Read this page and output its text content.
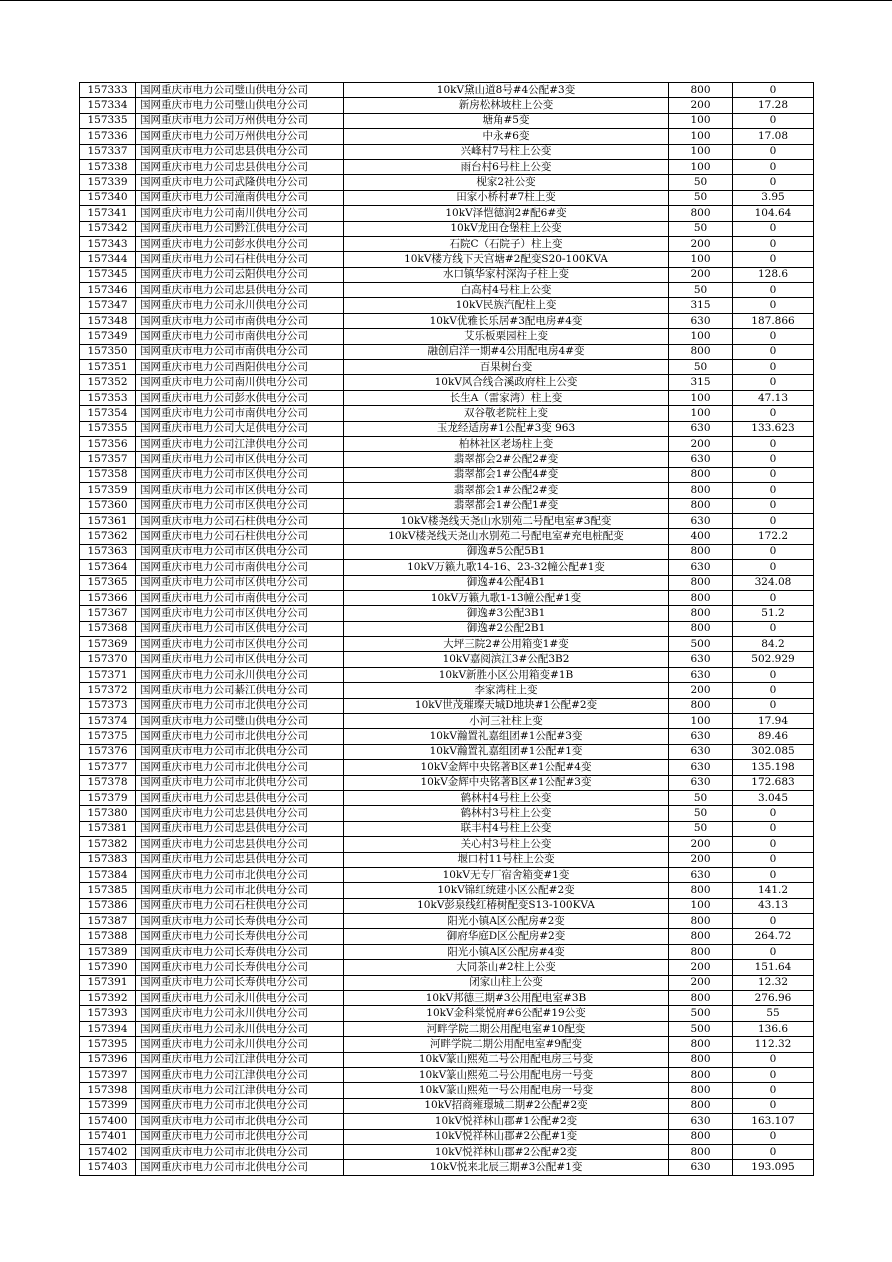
157333	国网重庆市电力公司璧山供电分公司	10kV黛山道8号#4公配#3变	800	0
157334	国网重庆市电力公司璧山供电分公司	新房松林坡柱上公变	200	17.28
157335	国网重庆市电力公司万州供电分公司	塘角#5变	100	0
157336	国网重庆市电力公司万州供电分公司	中永#6变	100	17.08
157337	国网重庆市电力公司忠县供电分公司	兴峰村7号柱上公变	100	0
157338	国网重庆市电力公司忠县供电分公司	雨台村6号柱上公变	100	0
157339	国网重庆市电力公司武隆供电分公司	枧家2社公变	50	0
157340	国网重庆市电力公司潼南供电分公司	田家小桥村#7柱上变	50	3.95
157341	国网重庆市电力公司南川供电分公司	10kV泽恺德润2#配6#变	800	104.64
157342	国网重庆市电力公司黔江供电分公司	10kV龙田仓堡柱上公变	50	0
157343	国网重庆市电力公司彭水供电分公司	石院C（石院子）柱上变	200	0
157344	国网重庆市电力公司石柱供电分公司	10kV楼方线下天宫塘#2配变S20-100KVA	100	0
157345	国网重庆市电力公司云阳供电分公司	水口镇华家村深沟子柱上变	200	128.6
157346	国网重庆市电力公司忠县供电分公司	白高村4号柱上公变	50	0
157347	国网重庆市电力公司永川供电分公司	10kV民族汽配柱上变	315	0
157348	国网重庆市电力公司市南供电分公司	10kV优雅长乐居#3配电房#4变	630	187.866
157349	国网重庆市电力公司市南供电分公司	艾乐板栗园柱上变	100	0
157350	国网重庆市电力公司市南供电分公司	融创启洋一期#4公用配电房4#变	800	0
157351	国网重庆市电力公司酉阳供电分公司	百果树台变	50	0
157352	国网重庆市电力公司南川供电分公司	10kV风合线合溪政府柱上公变	315	0
157353	国网重庆市电力公司彭水供电分公司	长生A（雷家湾）柱上变	100	47.13
157354	国网重庆市电力公司市南供电分公司	双谷敬老院柱上变	100	0
157355	国网重庆市电力公司大足供电分公司	玉龙经适房#1公配#3变 963	630	133.623
157356	国网重庆市电力公司江津供电分公司	柏林社区老场柱上变	200	0
157357	国网重庆市电力公司市区供电分公司	翡翠都会2#公配2#变	630	0
157358	国网重庆市电力公司市区供电分公司	翡翠都会1#公配4#变	800	0
157359	国网重庆市电力公司市区供电分公司	翡翠都会1#公配2#变	800	0
157360	国网重庆市电力公司市区供电分公司	翡翠都会1#公配1#变	800	0
157361	国网重庆市电力公司石柱供电分公司	10kV楼尧线天尧山水别苑二号配电室#3配变	630	0
157362	国网重庆市电力公司石柱供电分公司	10kV楼尧线天尧山水别苑二号配电室#充电桩配变	400	172.2
157363	国网重庆市电力公司市区供电分公司	御逸#5公配5B1	800	0
157364	国网重庆市电力公司市南供电分公司	10kV万籁九歌14-16、23-32幢公配#1变	630	0
157365	国网重庆市电力公司市区供电分公司	御逸#4公配4B1	800	324.08
157366	国网重庆市电力公司市南供电分公司	10kV万籁九歌1-13幢公配#1变	800	0
157367	国网重庆市电力公司市区供电分公司	御逸#3公配3B1	800	51.2
157368	国网重庆市电力公司市区供电分公司	御逸#2公配2B1	800	0
157369	国网重庆市电力公司市区供电分公司	大坪三院2#公用箱变1#变	500	84.2
157370	国网重庆市电力公司市区供电分公司	10kV嘉阅滨江3#公配3B2	630	502.929
157371	国网重庆市电力公司永川供电分公司	10kV新胜小区公用箱变#1B	630	0
157372	国网重庆市电力公司綦江供电分公司	李家湾柱上变	200	0
157373	国网重庆市电力公司市北供电分公司	10kV世茂璀璨天城D地块#1公配#2变	800	0
157374	国网重庆市电力公司璧山供电分公司	小河三社柱上变	100	17.94
157375	国网重庆市电力公司市北供电分公司	10kV瀚置礼嘉组团#1公配#3变	630	89.46
157376	国网重庆市电力公司市北供电分公司	10kV瀚置礼嘉组团#1公配#1变	630	302.085
157377	国网重庆市电力公司市北供电分公司	10kV金辉中央铭著B区#1公配#4变	630	135.198
157378	国网重庆市电力公司市北供电分公司	10kV金辉中央铭著B区#1公配#3变	630	172.683
157379	国网重庆市电力公司忠县供电分公司	鹤林村4号柱上公变	50	3.045
157380	国网重庆市电力公司忠县供电分公司	鹤林村3号柱上公变	50	0
157381	国网重庆市电力公司忠县供电分公司	联丰村4号柱上公变	50	0
157382	国网重庆市电力公司忠县供电分公司	关心村3号柱上公变	200	0
157383	国网重庆市电力公司忠县供电分公司	堰口村11号柱上公变	200	0
157384	国网重庆市电力公司市北供电分公司	10kV无专厂宿舍箱变#1变	630	0
157385	国网重庆市电力公司市北供电分公司	10kV锦红统建小区公配#2变	800	141.2
157386	国网重庆市电力公司石柱供电分公司	10kV彭泉线红椿树配变S13-100KVA	100	43.13
157387	国网重庆市电力公司长寿供电分公司	阳光小镇A区公配房#2变	800	0
157388	国网重庆市电力公司长寿供电分公司	御府华庭D区公配房#2变	800	264.72
157389	国网重庆市电力公司长寿供电分公司	阳光小镇A区公配房#4变	800	0
157390	国网重庆市电力公司长寿供电分公司	大同茶山#2柱上公变	200	151.64
157391	国网重庆市电力公司长寿供电分公司	闭家山柱上公变	200	12.32
157392	国网重庆市电力公司永川供电分公司	10kV邦德三期#3公用配电室#3B	800	276.96
157393	国网重庆市电力公司永川供电分公司	10kV金科棠悦府#6公配#19公变	500	55
157394	国网重庆市电力公司永川供电分公司	河畔学院二期公用配电室#10配变	500	136.6
157395	国网重庆市电力公司永川供电分公司	河畔学院二期公用配电室#9配变	800	112.32
157396	国网重庆市电力公司江津供电分公司	10kV篆山熙苑二号公用配电房三号变	800	0
157397	国网重庆市电力公司江津供电分公司	10kV篆山熙苑二号公用配电房一号变	800	0
157398	国网重庆市电力公司江津供电分公司	10kV篆山熙苑一号公用配电房一号变	800	0
157399	国网重庆市电力公司市北供电分公司	10kV招商雍璟城二期#2公配#2变	800	0
157400	国网重庆市电力公司市北供电分公司	10kV悦祥林山郡#1公配#2变	630	163.107
157401	国网重庆市电力公司市北供电分公司	10kV悦祥林山郡#2公配#1变	800	0
157402	国网重庆市电力公司市北供电分公司	10kV悦祥林山郡#2公配#2变	800	0
157403	国网重庆市电力公司市北供电分公司	10kV悦来北辰三期#3公配#1变	630	193.095
